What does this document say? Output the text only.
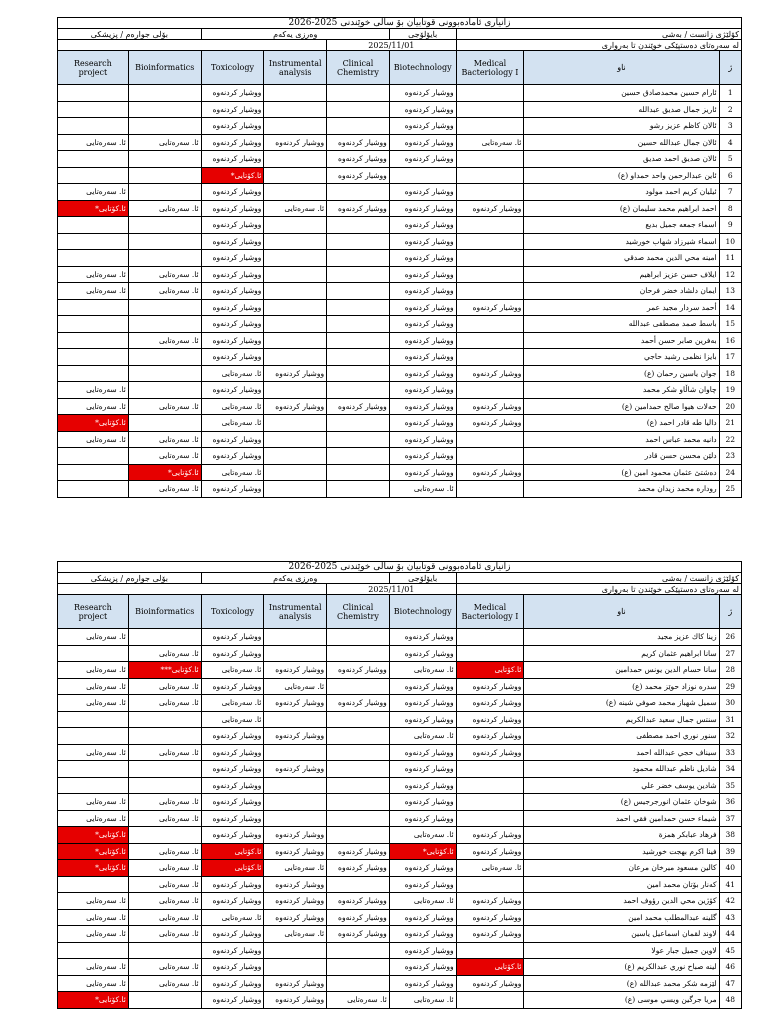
زانیاری ئامادەبوونی قوتابیان بۆ ساڵی خوێندنی 2025-2026								
بۆلی جوارەم / پزیشکی		وەرزی یەکەم			بایۆلۆجی	کۆلێژی زانست / بەشی		
				2025/11/01		لە سەرەتای دەستپێکی خوێندن تا بەرواری		
Research project	Bioinformatics	Toxicology	Instrumental analysis	Clinical Chemistry	Biotechnology	Medical Bacteriology I	ناو	ژ
		ووشیار کردنەوە			ووشیار کردنەوە		ئارام حسين محمدصادق حسين	1
		ووشیار کردنەوە			ووشیار کردنەوە		ئاریز جمال صدیق عبدالله	2
		ووشیار کردنەوە			ووشیار کردنەوە		ئالان کاظم عزیز رشو	3
ئا. سەرەتایی	ئا. سەرەتایی	ووشیار کردنەوە	ووشیار کردنەوە	ووشیار کردنەوە	ووشیار کردنەوە	ئا. سەرەتایی	ئالان جمال عبدالله حسين	4
		ووشیار کردنەوە		ووشیار کردنەوە	ووشیار کردنەوە		ئالان صديق احمد صديق	5
		ئا.کۆتایی*		ووشیار کردنەوە			ئاين عبدالرحمن واحد حمداو (ع)	6
ئا. سەرەتایی		ووشیار کردنەوە			ووشیار کردنەوە		ئیلیان کریم احمد مولود	7
ئا.کۆتایی*	ئا. سەرەتایی	ووشیار کردنەوە	ئا. سەرەتایی	ووشیار کردنەوە	ووشیار کردنەوە	ووشیار کردنەوە	احمد ابراهیم محمد سلیمان (ع)	8
		ووشیار کردنەوە			ووشیار کردنەوە		اسماء جمعه جميل بديع	9
		ووشیار کردنەوە			ووشیار کردنەوە		اسماء شيرزاد شهاب خورشيد	10
		ووشیار کردنەوە			ووشیار کردنەوە		امینه محي الدين محمد صدقي	11
ئا. سەرەتایی	ئا. سەرەتایی	ووشیار کردنەوە			ووشیار کردنەوە		ایلاف حسن عزیز ابراهیم	12
ئا. سەرەتایی	ئا. سەرەتایی	ووشیار کردنەوە			ووشیار کردنەوە		ایمان دلشاد خضر فرحان	13
		ووشیار کردنەوە			ووشیار کردنەوە	ووشیار کردنەوە	أحمد سردار مجيد عمر	14
		ووشیار کردنەوە			ووشیار کردنەوە		باسط صمد مصطفى عبدالله	15
	ئا. سەرەتایی	ووشیار کردنەوە			ووشیار کردنەوە		بەفرین صابر حسن أحمد	16
		ووشیار کردنەوە			ووشیار کردنەوە		بایزا نظمی رشيد حاجي	17
		ئا. سەرەتایی	ووشیار کردنەوە		ووشیار کردنەوە	ووشیار کردنەوە	جوان ياسين رحمان (ع)	18
ئا. سەرەتایی		ووشیار کردنەوە			ووشیار کردنەوە		چاوان شاڵاو شکر محمد	19
ئا. سەرەتایی	ئا. سەرەتایی	ئا. سەرەتایی	ووشیار کردنەوە	ووشیار کردنەوە	ووشیار کردنەوە	ووشیار کردنەوە	حەلات هیوا صالح حمدامين (ع)	20
ئا.کۆتایی*		ئا. سەرەتایی			ووشیار کردنەوە	ووشیار کردنەوە	داليا طه قادر احمد (ع)	21
ئا. سەرەتایی	ئا. سەرەتایی	ووشیار کردنەوە			ووشیار کردنەوە		دانیه محمد عباس احمد	22
	ئا. سەرەتایی	ووشیار کردنەوە			ووشیار کردنەوە		دلێن محسن حسن قادر	23
	ئا.کۆتایی*	ئا. سەرەتایی			ووشیار کردنەوە	ووشیار کردنەوە	دەشتێ عثمان محمود امین (ع)	24
	ئا. سەرەتایی	ووشیار کردنەوە			ئا. سەرەتایی		روداره محمد زيدان محمد	25
زانیاری ئامادەبوونی قوتابیان بۆ ساڵی خوێندنی 2025-2026								
بۆلی جوارەم / پزیشکی		وەرزی یەکەم			بایۆلۆجی	کۆلێژی زانست / بەشی		
				2025/11/01		لە سەرەتای دەستپێکی خوێندن تا بەرواری		
Research project	Bioinformatics	Toxicology	Instrumental analysis	Clinical Chemistry	Biotechnology	Medical Bacteriology I	ناو	ژ
ئا. سەرەتایی		ووشیار کردنەوە			ووشیار کردنەوە		زينا کاك عزيز مجيد	26
	ئا. سەرەتایی	ووشیار کردنەوە			ووشیار کردنەوە		سانا ابراهیم عثمان کریم	27
ئا. سەرەتایی	ئا.کۆتایی***	ئا. سەرەتایی	ووشیار کردنەوە	ووشیار کردنەوە	ئا. سەرەتایی	ئا.کۆتایی	سانا حسام الدين يونس حمدامين	28
ئا. سەرەتایی	ئا. سەرەتایی	ووشیار کردنەوە	ئا. سەرەتایی		ووشیار کردنەوە	ووشیار کردنەوە	سدره نوزاد حوێز محمد (ع)	29
ئا. سەرەتایی	ئا. سەرەتایی	ئا. سەرەتایی	ووشیار کردنەوە	ووشیار کردنەوە	ووشیار کردنەوە	ووشیار کردنەوە	سميل شهباز محمد صوفي شينه (ع)	30
		ئا. سەرەتایی			ووشیار کردنەوە	ووشیار کردنەوە	سنتس جمال سعيد عبدالکريم	31
		ووشیار کردنەوە	ووشیار کردنەوە		ئا. سەرەتایی	ووشیار کردنەوە	سنور نوري احمد مصطفى	32
ئا. سەرەتایی	ئا. سەرەتایی	ووشیار کردنەوە			ووشیار کردنەوە	ووشیار کردنەوە	سیناف حجي عبدالله احمد	33
		ووشیار کردنەوە	ووشیار کردنەوە		ووشیار کردنەوە		شادیل ناظم عبدالله محمود	34
		ووشیار کردنەوە			ووشیار کردنەوە		شادين يوسف خضر علي	35
ئا. سەرەتایی	ئا. سەرەتایی	ووشیار کردنەوە			ووشیار کردنەوە		شوخان عثمان انورجرجيس (ع)	36
ئا. سەرەتایی	ئا. سەرەتایی	ووشیار کردنەوە			ووشیار کردنەوە		شيماء حسن حمدامين فقي احمد	37
ئا.کۆتایی*		ووشیار کردنەوە	ووشیار کردنەوە		ئا. سەرەتایی	ووشیار کردنەوە	فرهاد عبابكر همزة	38
ئا.کۆتایی*	ئا. سەرەتایی	ئا.کۆتایی	ووشیار کردنەوە	ووشیار کردنەوە	ئا.کۆتایی*	ووشیار کردنەوە	فينا اکرم بهجت خورشيد	39
ئا.کۆتایی*	ئا. سەرەتایی	ئا.کۆتایی	ئا. سەرەتایی	ووشیار کردنەوە	ووشیار کردنەوە	ئا. سەرەتایی	کالين مسعود ميرخان مرعان	40
	ئا. سەرەتایی	ووشیار کردنەوە	ووشیار کردنەوە		ووشیار کردنەوە		کەنار بۆتان محمد امين	41
ئا. سەرەتایی	ئا. سەرەتایی	ووشیار کردنەوە	ووشیار کردنەوە	ووشیار کردنەوە	ئا. سەرەتایی	ووشیار کردنەوە	کۆژين محي الدين رؤوف احمد	42
ئا. سەرەتایی	ئا. سەرەتایی	ئا. سەرەتایی	ووشیار کردنەوە	ووشیار کردنەوە	ووشیار کردنەوە	ووشیار کردنەوە	گلينه عبدالمطلب محمد امين	43
ئا. سەرەتایی	ئا. سەرەتایی	ووشیار کردنەوە	ئا. سەرەتایی	ووشیار کردنەوە	ووشیار کردنەوە	ووشیار کردنەوە	لاوند لقمان اسماعيل ياسين	44
		ووشیار کردنەوە			ووشیار کردنەوە		لاوين جميل جبار عولا	45
ئا. سەرەتایی	ئا. سەرەتایی	ووشیار کردنەوە			ووشیار کردنەوە	ئا.کۆتایی	لينه صباح نوري عبدالكريم (ع)	46
ئا. سەرەتایی	ئا. سەرەتایی	ووشیار کردنەوە	ووشیار کردنەوە		ووشیار کردنەوە	ووشیار کردنەوە	لێزمه شكر محمد عبدالله (ع)	47
ئا.کۆتایی*		ووشیار کردنەوە	ووشیار کردنەوە	ئا. سەرەتایی	ئا. سەرەتایی		مريا جرگين ويسي موسى (ع)	48
